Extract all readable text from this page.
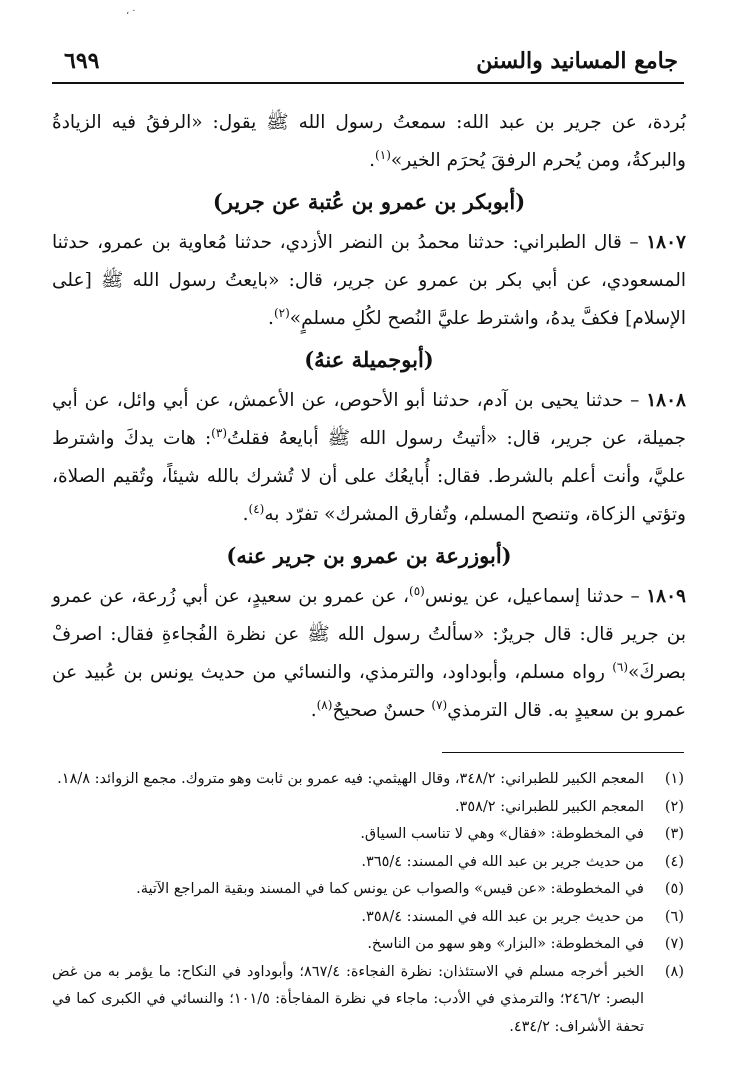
، ·
جامع المسانيد والسنن
٦٩٩

بُردة، عن جرير بن عبد الله: سمعتُ رسول الله ﷺ يقول: «الرفقُ فيه الزيادةُ والبركةُ، ومن يُحرم الرفقَ يُحرَم الخير»$^{(١)}$.

(أبوبكر بن عمرو بن عُتبة عن جرير)

١٨٠٧ – قال الطبراني: حدثنا محمدُ بن النضر الأزدي، حدثنا مُعاوية بن عمرو، حدثنا المسعودي، عن أبي بكر بن عمرو عن جرير، قال: «بايعتُ رسول الله ﷺ [على الإسلام] فكفَّ يدهُ، واشترط عليَّ النُصح لكُلِ مسلمٍ»$^{(٢)}$.

(أبوجميلة عنهُ)

١٨٠٨ – حدثنا يحيى بن آدم، حدثنا أبو الأحوص، عن الأعمش، عن أبي وائل، عن أبي جميلة، عن جرير، قال: «أتيتُ رسول الله ﷺ أبايعهُ فقلتُ$^{(٣)}$: هات يدكَ واشترط عليَّ، وأنت أعلم بالشرط. فقال: أُبايعُك على أن لا تُشرك بالله شيئاً، وتُقيم الصلاة، وتؤتي الزكاة، وتنصح المسلم، وتُفارق المشرك» تفرّد به$^{(٤)}$.

(أبوزرعة بن عمرو بن جرير عنه)

١٨٠٩ – حدثنا إسماعيل، عن يونس$^{(٥)}$، عن عمرو بن سعيدٍ، عن أبي زُرعة، عن عمرو بن جرير قال: قال جريرٌ: «سألتُ رسول الله ﷺ عن نظرة الفُجاءةِ فقال: اصرفْ بصركَ»$^{(٦)}$ رواه مسلم، وأبوداود، والترمذي، والنسائي من حديث يونس بن عُبيد عن عمرو بن سعيدٍ به. قال الترمذي$^{(٧)}$ حسنٌ صحيحٌ$^{(٨)}$.

(١)
المعجم الكبير للطبراني: ٣٤٨/٢، وقال الهيثمي: فيه عمرو بن ثابت وهو متروك. مجمع الزوائد: ١٨/٨.
(٢)
المعجم الكبير للطبراني: ٣٥٨/٢.
(٣)
في المخطوطة: «فقال» وهي لا تناسب السياق.
(٤)
من حديث جرير بن عبد الله في المسند: ٣٦٥/٤.
(٥)
في المخطوطة: «عن قيس» والصواب عن يونس كما في المسند وبقية المراجع الآتية.
(٦)
من حديث جرير بن عبد الله في المسند: ٣٥٨/٤.
(٧)
في المخطوطة: «البزار» وهو سهو من الناسخ.
(٨)
الخبر أخرجه مسلم في الاستئذان: نظرة الفجاءة: ٨٦٧/٤؛ وأبوداود في النكاح: ما يؤمر به من غض البصر: ٢٤٦/٢؛ والترمذي في الأدب: ماجاء في نظرة المفاجأة: ١٠١/٥؛ والنسائي في الكبرى كما في تحفة الأشراف: ٤٣٤/٢.
